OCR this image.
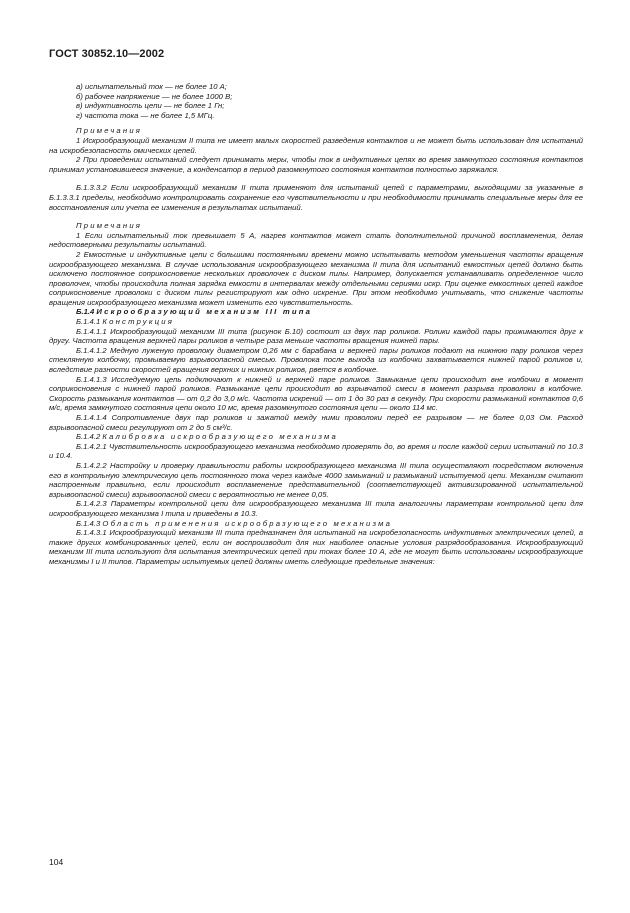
ГОСТ 30852.10—2002

а) испытательный ток — не более 10 А;

б) рабочее напряжение — не более 1000 В;

в) индуктивность цепи — не более 1 Гн;

г) частота тока — не более 1,5 МГц.

Примечания

1 Искрообразующий механизм II типа не имеет малых скоростей разведения контактов и не может быть использован для испытаний на искробезопасность омических цепей.

2 При проведении испытаний следует принимать меры, чтобы ток в индуктивных цепях во время замкнутого состояния контактов принимал установившееся значение, а конденсатор в период разомкнутого состояния контактов полностью заряжался.

Б.1.3.3.2 Если искрообразующий механизм II типа применяют для испытаний цепей с параметрами, выходящими за указанные в Б.1.3.3.1 пределы, необходимо контролировать сохранение его чувствительности и при необходимости принимать специальные меры для ее восстановления или учета ее изменения в результатах испытаний.

Примечания

1 Если испытательный ток превышает 5 А, нагрев контактов может стать дополнительной причиной воспламенения, делая недостоверными результаты испытаний.

2 Емкостные и индуктивные цепи с большими постоянными времени можно испытывать методом уменьшения частоты вращения искрообразующего механизма. В случае использования искрообразующего механизма II типа для испытаний емкостных цепей должно быть исключено постоянное соприкосновение нескольких проволочек с диском пилы. Например, допускается устанавливать определенное число проволочек, чтобы происходила полная зарядка емкости в интервалах между отдельными сериями искр. При оценке емкостных цепей каждое соприкосновение проволоки с диском пилы регистрируют как одно искрение. При этом необходимо учитывать, что снижение частоты вращения искрообразующего механизма может изменить его чувствительность.

Б.1.4 Искрообразующий механизм III типа

Б.1.4.1 Конструкция

Б.1.4.1.1 Искрообразующий механизм III типа (рисунок Б.10) состоит из двух пар роликов. Ролики каждой пары прижимаются друг к другу. Частота вращения верхней пары роликов в четыре раза меньше частоты вращения нижней пары.

Б.1.4.1.2 Медную луженую проволоку диаметром 0,26 мм с барабана и верхней пары роликов подают на нижнюю пару роликов через стеклянную колбочку, промываемую взрывоопасной смесью. Проволока после выхода из колбочки захватывается нижней парой роликов и, вследствие разности скоростей вращения верхних и нижних роликов, рвется в колбочке.

Б.1.4.1.3 Исследуемую цепь подключают к нижней и верхней паре роликов. Замыкание цепи происходит вне колбочки в момент соприкосновения с нижней парой роликов. Размыкание цепи происходит во взрывчатой смеси в момент разрыва проволоки в колбочке. Скорость размыкания контактов — от 0,2 до 3,0 м/с. Частота искрений — от 1 до 30 раз в секунду. При скорости размыканий контактов 0,6 м/с, время замкнутого состояния цепи около 10 мс, время разомкнутого состояния цепи — около 114 мс.

Б.1.4.1.4 Сопротивление двух пар роликов и зажатой между ними проволоки перед ее разрывом — не более 0,03 Ом. Расход взрывоопасной смеси регулируют от 2 до 5 см³/с.

Б.1.4.2 Калибровка искрообразующего механизма

Б.1.4.2.1 Чувствительность искрообразующего механизма необходимо проверять до, во время и после каждой серии испытаний по 10.3 и 10.4.

Б.1.4.2.2 Настройку и проверку правильности работы искрообразующего механизма III типа осуществляют посредством включения его в контрольную электрическую цепь постоянного тока через каждые 4000 замыканий и размыканий испытуемой цепи. Механизм считают настроенным правильно, если происходит воспламенение представительной (соответствующей активизированной испытательной взрывоопасной смеси) взрывоопасной смеси с вероятностью не менее 0,05.

Б.1.4.2.3 Параметры контрольной цепи для искрообразующего механизма III типа аналогичны параметрам контрольной цепи для искрообразующего механизма I типа и приведены в 10.3.

Б.1.4.3 Область применения искрообразующего механизма

Б.1.4.3.1 Искрообразующий механизм III типа предназначен для испытаний на искробезопасность индуктивных электрических цепей, а также других комбинированных цепей, если он воспроизводит для них наиболее опасные условия разрядообразования. Искрообразующий механизм III типа используют для испытания электрических цепей при токах более 10 А, где не могут быть использованы искрообразующие механизмы I и II типов. Параметры испытуемых цепей должны иметь следующие предельные значения:

104
